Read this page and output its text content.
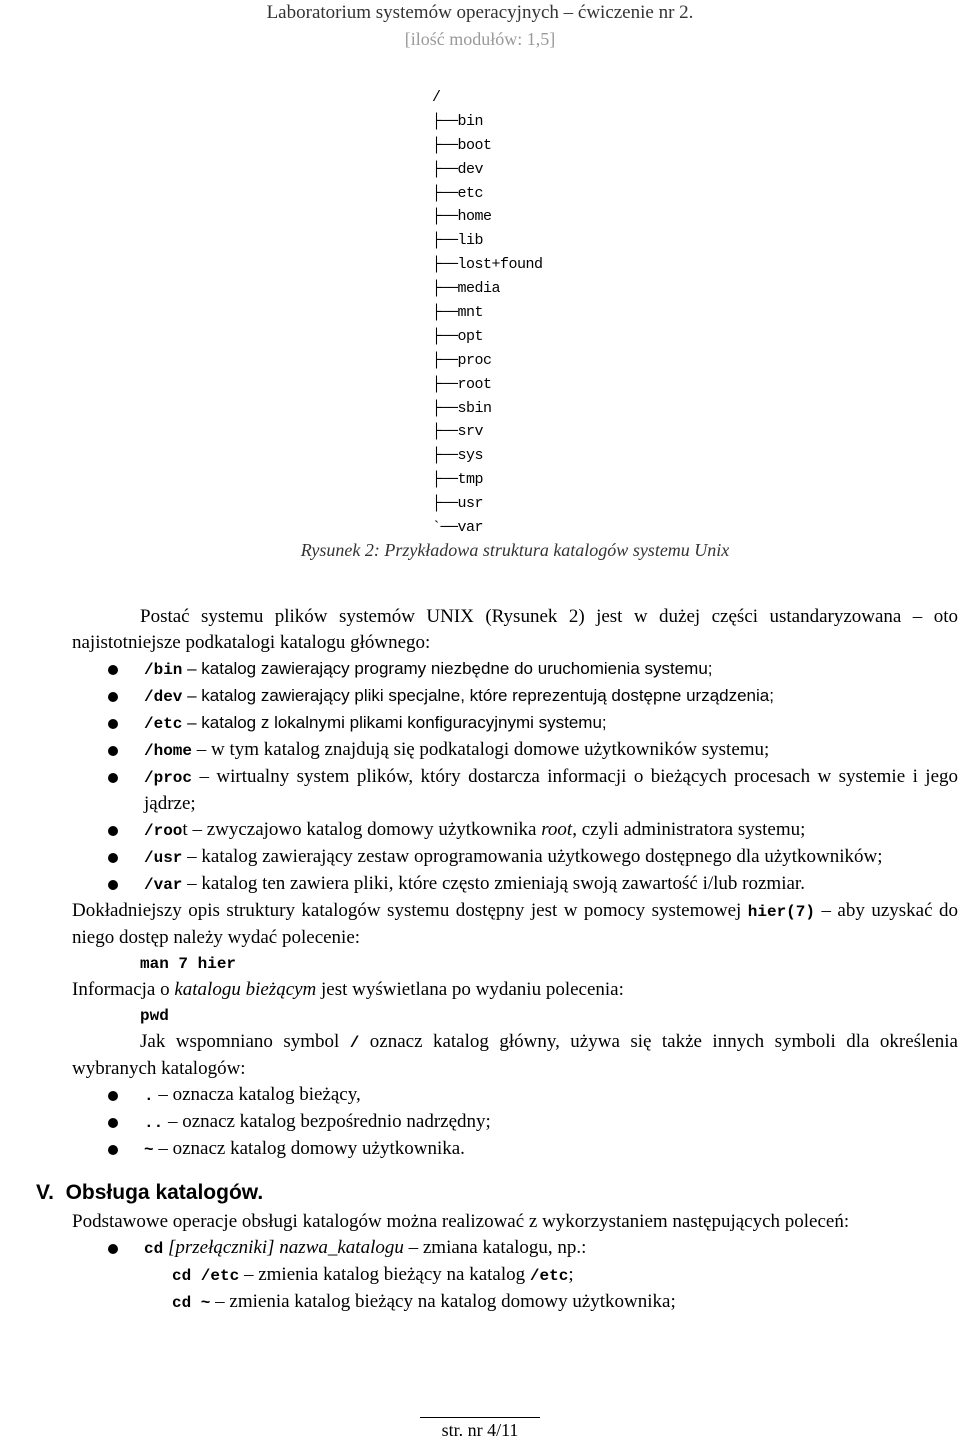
Laboratorium systemów operacyjnych – ćwiczenie nr 2.
[ilość modułów: 1,5]
/
├──bin
├──boot
├──dev
├──etc
├──home
├──lib
├──lost+found
├──media
├──mnt
├──opt
├──proc
├──root
├──sbin
├──srv
├──sys
├──tmp
├──usr
`──var
Rysunek 2: Przykładowa struktura katalogów systemu Unix
Postać systemu plików systemów UNIX (Rysunek 2) jest w dużej części ustandaryzowana – oto najistotniejsze podkatalogi katalogu głównego:
/bin – katalog zawierający programy niezbędne do uruchomienia systemu;
/dev – katalog zawierający pliki specjalne, które reprezentują dostępne urządzenia;
/etc – katalog z lokalnymi plikami konfiguracyjnymi systemu;
/home – w tym katalog znajdują się podkatalogi domowe użytkowników systemu;
/proc – wirtualny system plików, który dostarcza informacji o bieżących procesach w systemie i jego jądrze;
/root – zwyczajowo katalog domowy użytkownika root, czyli administratora systemu;
/usr – katalog zawierający zestaw oprogramowania użytkowego dostępnego dla użytkowników;
/var – katalog ten zawiera pliki, które często zmieniają swoją zawartość i/lub rozmiar.
Dokładniejszy opis struktury katalogów systemu dostępny jest w pomocy systemowej hier(7) – aby uzyskać do niego dostęp należy wydać polecenie:
man 7 hier
Informacja o katalogu bieżącym jest wyświetlana po wydaniu polecenia:
pwd
Jak wspomniano symbol / oznacz katalog główny, używa się także innych symboli dla określenia wybranych katalogów:
. – oznacza katalog bieżący,
.. – oznacz katalog bezpośrednio nadrzędny;
~ – oznacz katalog domowy użytkownika.
V. Obsługa katalogów.
Podstawowe operacje obsługi katalogów można realizować z wykorzystaniem następujących poleceń:
cd [przełączniki] nazwa_katalogu – zmiana katalogu, np.:
cd /etc – zmienia katalog bieżący na katalog /etc;
cd ~ – zmienia katalog bieżący na katalog domowy użytkownika;
str. nr 4/11
